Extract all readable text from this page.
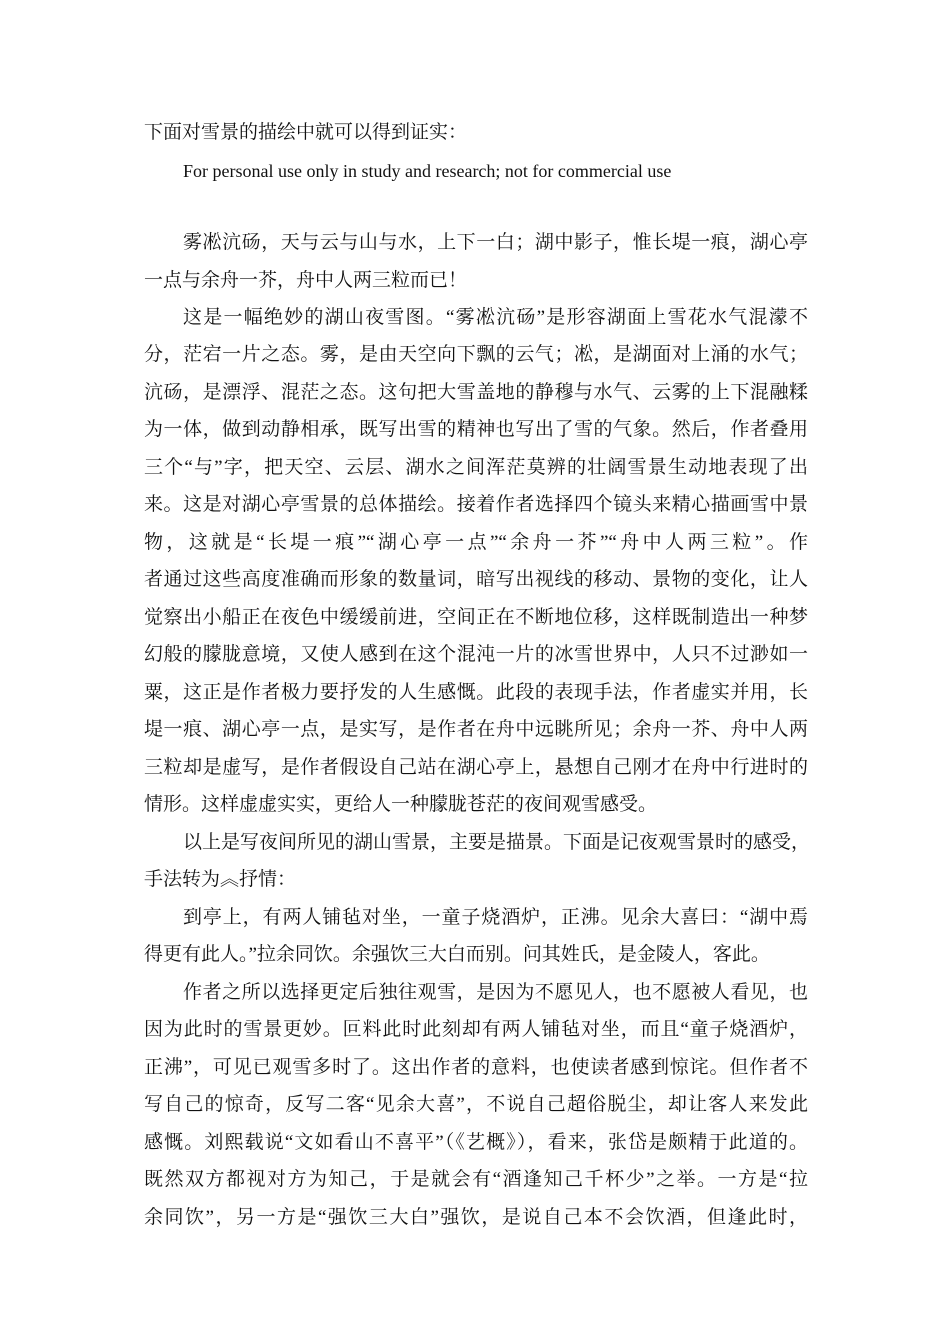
下面对雪景的描绘中就可以得到证实：
For personal use only in study and research; not for commercial use
雾凇沆砀，天与云与山与水，上下一白；湖中影子，惟长堤一痕，湖心亭
一点与余舟一芥，舟中人两三粒而已！
这是一幅绝妙的湖山夜雪图。“雾凇沆砀”是形容湖面上雪花水气混濛不
分，茫宕一片之态。雾，是由天空向下飘的云气；凇，是湖面对上涌的水气；
沆砀，是漂浮、混茫之态。这句把大雪盖地的静穆与水气、云雾的上下混融糅
为一体，做到动静相承，既写出雪的精神也写出了雪的气象。然后，作者叠用
三个“与”字，把天空、云层、湖水之间浑茫莫辨的壮阔雪景生动地表现了出
来。这是对湖心亭雪景的总体描绘。接着作者选择四个镜头来精心描画雪中景
物，这就是“长堤一痕”“湖心亭一点”“余舟一芥”“舟中人两三粒”。作
者通过这些高度准确而形象的数量词，暗写出视线的移动、景物的变化，让人
觉察出小船正在夜色中缓缓前进，空间正在不断地位移，这样既制造出一种梦
幻般的朦胧意境，又使人感到在这个混沌一片的冰雪世界中，人只不过渺如一
粟，这正是作者极力要抒发的人生感慨。此段的表现手法，作者虚实并用，长
堤一痕、湖心亭一点，是实写，是作者在舟中远眺所见；余舟一芥、舟中人两
三粒却是虚写，是作者假设自己站在湖心亭上，悬想自己刚才在舟中行进时的
情形。这样虚虚实实，更给人一种朦胧苍茫的夜间观雪感受。
以上是写夜间所见的湖山雪景，主要是描景。下面是记夜观雪景时的感受，
手法转为︽抒情：
到亭上，有两人铺毡对坐，一童子烧酒炉，正沸。见余大喜曰：“湖中焉
得更有此人。”拉余同饮。余强饮三大白而别。问其姓氏，是金陵人，客此。
作者之所以选择更定后独往观雪，是因为不愿见人，也不愿被人看见，也
因为此时的雪景更妙。叵料此时此刻却有两人铺毡对坐，而且“童子烧酒炉，
正沸”，可见已观雪多时了。这出作者的意料，也使读者感到惊诧。但作者不
写自己的惊奇，反写二客“见余大喜”，不说自己超俗脱尘，却让客人来发此
感慨。刘熙载说“文如看山不喜平”（《艺概》），看来，张岱是颇精于此道的。
既然双方都视对方为知己，于是就会有“酒逢知己千杯少”之举。一方是“拉
余同饮”，另一方是“强饮三大白”强饮，是说自己本不会饮酒，但逢此时，
